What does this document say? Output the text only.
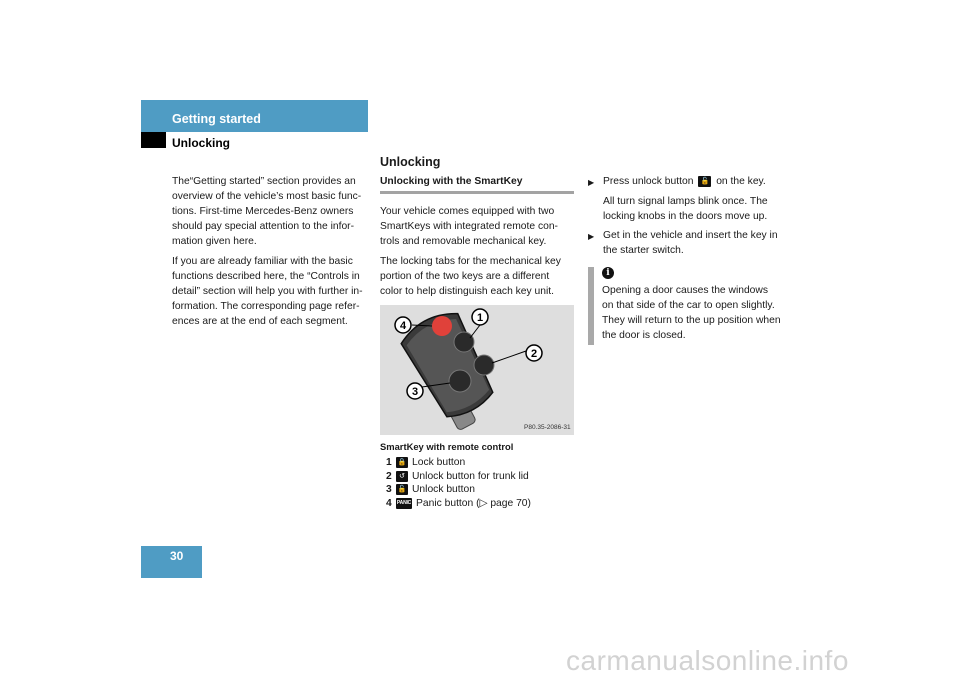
Getting started
Unlocking

The“Getting started” section provides an overview of the vehicle’s most basic func-tions. First-time Mercedes-Benz owners should pay special attention to the infor-mation given here.

If you are already familiar with the basic functions described here, the “Controls in detail” section will help you with further in-formation. The corresponding page refer-ences are at the end of each segment.

Unlocking
Unlocking with the SmartKey

Your vehicle comes equipped with two SmartKeys with integrated remote con-trols and removable mechanical key.

The locking tabs for the mechanical key portion of the two keys are a different color to help distinguish each key unit.

1
2
3
4
P80.35-2086-31
SmartKey with remote control
1 🔒 Lock button
2	↺ Unlock button for trunk lid
3 🔓 Unlock button
4	PANIC Panic button (▷ page 70)
▶ Press unlock button 🔓 on the key.
All turn signal lamps blink once. The locking knobs in the doors move up.
▶ Get in the vehicle and insert the key in the starter switch.
i
Opening a door causes the windows on that side of the car to open slightly. They will return to the up position when the door is closed.
30
carmanualsonline.info
